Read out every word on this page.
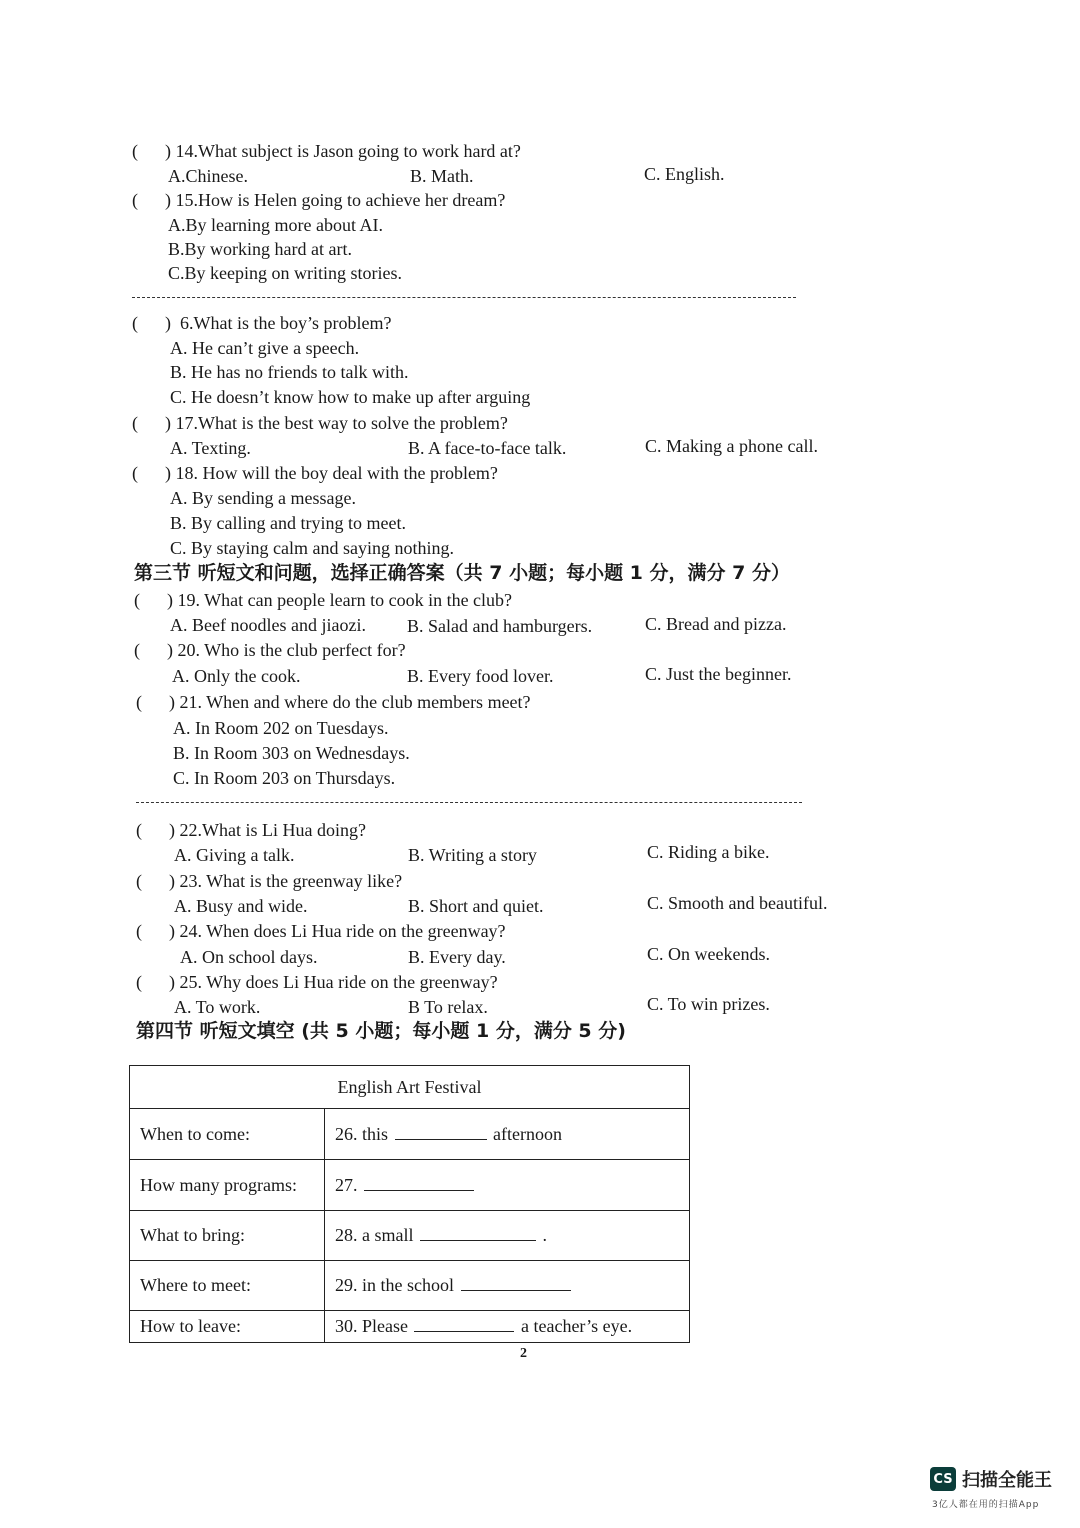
(      ) 14.What subject is Jason going to work hard at?
A.Chinese.	B. Math.	C. English.
(      ) 15.How is Helen going to achieve her dream?
A.By learning more about AI.
B.By working hard at art.
C.By keeping on writing stories.
(      )  6.What is the boy’s problem?
A. He can’t give a speech.
B. He has no friends to talk with.
C. He doesn’t know how to make up after arguing
(      ) 17.What is the best way to solve the problem?
A. Texting.	B. A face-to-face talk.	C. Making a phone call.
(      ) 18. How will the boy deal with the problem?
A. By sending a message.
B. By calling and trying to meet.
C. By staying calm and saying nothing.
第三节 听短文和问题，选择正确答案（共 7 小题；每小题 1 分，满分 7 分）
(      ) 19. What can people learn to cook in the club?
A. Beef noodles and jiaozi. B. Salad and hamburgers.	C. Bread and pizza.
(      ) 20. Who is the club perfect for?
A. Only the cook.	B. Every food lover.	C. Just the beginner.
(      ) 21. When and where do the club members meet?
A. In Room 202 on Tuesdays.
B. In Room 303 on Wednesdays.
C. In Room 203 on Thursdays.
(      ) 22.What is Li Hua doing?
A. Giving a talk.	B. Writing a story	C. Riding a bike.
(      ) 23. What is the greenway like?
A. Busy and wide.	B. Short and quiet.	C. Smooth and beautiful.
(      ) 24. When does Li Hua ride on the greenway?
A. On school days.	B. Every day.	C. On weekends.
(      ) 25. Why does Li Hua ride on the greenway?
A. To work.	B To relax.	C. To win prizes.
第四节 听短文填空 (共 5 小题；每小题 1 分，满分 5 分)
English Art Festival	
When to come:	26. this afternoon
How many programs:	27.
What to bring:	28. a small .
Where to meet:	29. in the school
How to leave:	30. Please a teacher’s eye.
2
CS 扫描全能王
3亿人都在用的扫描App
